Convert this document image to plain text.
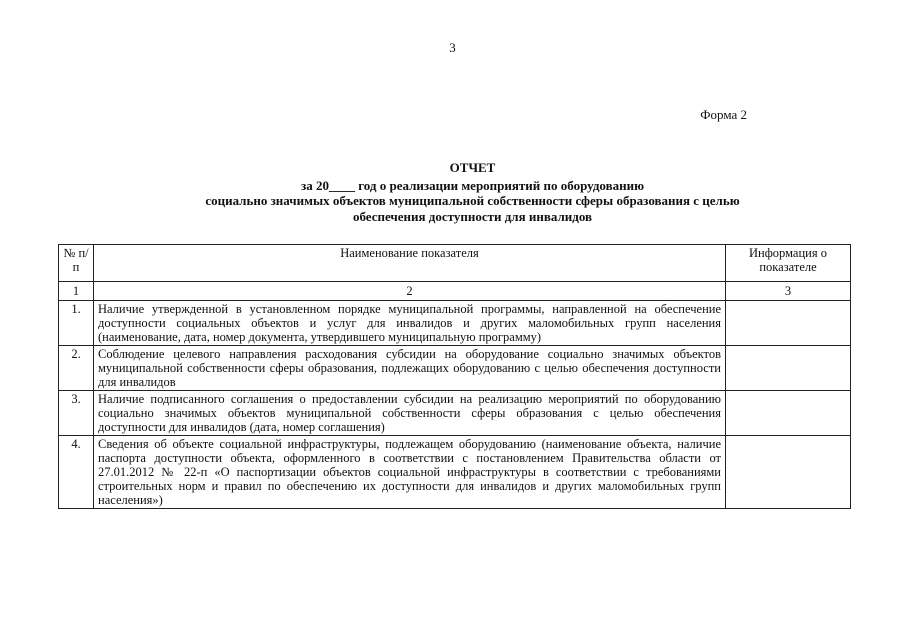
3
Форма 2
ОТЧЕТ
за 20____ год о реализации мероприятий по оборудованию
социально значимых объектов муниципальной собственности сферы образования с целью
обеспечения доступности для инвалидов
№ п/п	Наименование показателя	Информация о показателе
1	2	3
1.	Наличие утвержденной в установленном порядке муниципальной программы, направленной на обеспечение доступности социальных объектов и услуг для инвалидов и других маломобильных групп населения (наименование, дата, номер документа, утвердившего муниципальную программу)	
2.	Соблюдение целевого направления расходования субсидии на оборудование социально значимых объектов муниципальной собственности сферы образования, подлежащих оборудованию с целью обеспечения доступности для инвалидов	
3.	Наличие подписанного соглашения о предоставлении субсидии на реализацию мероприятий по оборудованию социально значимых объектов муниципальной собственности сферы образования с целью обеспечения доступности для инвалидов (дата, номер соглашения)	
4.	Сведения об объекте социальной инфраструктуры, подлежащем оборудованию (наименование объекта, наличие паспорта доступности объекта, оформленного в соответствии с постановлением Правительства области от 27.01.2012 № 22-п «О паспортизации объектов социальной инфраструктуры в соответствии с требованиями строительных норм и правил по обеспечению их доступности для инвалидов и других маломобильных групп населения»)	
